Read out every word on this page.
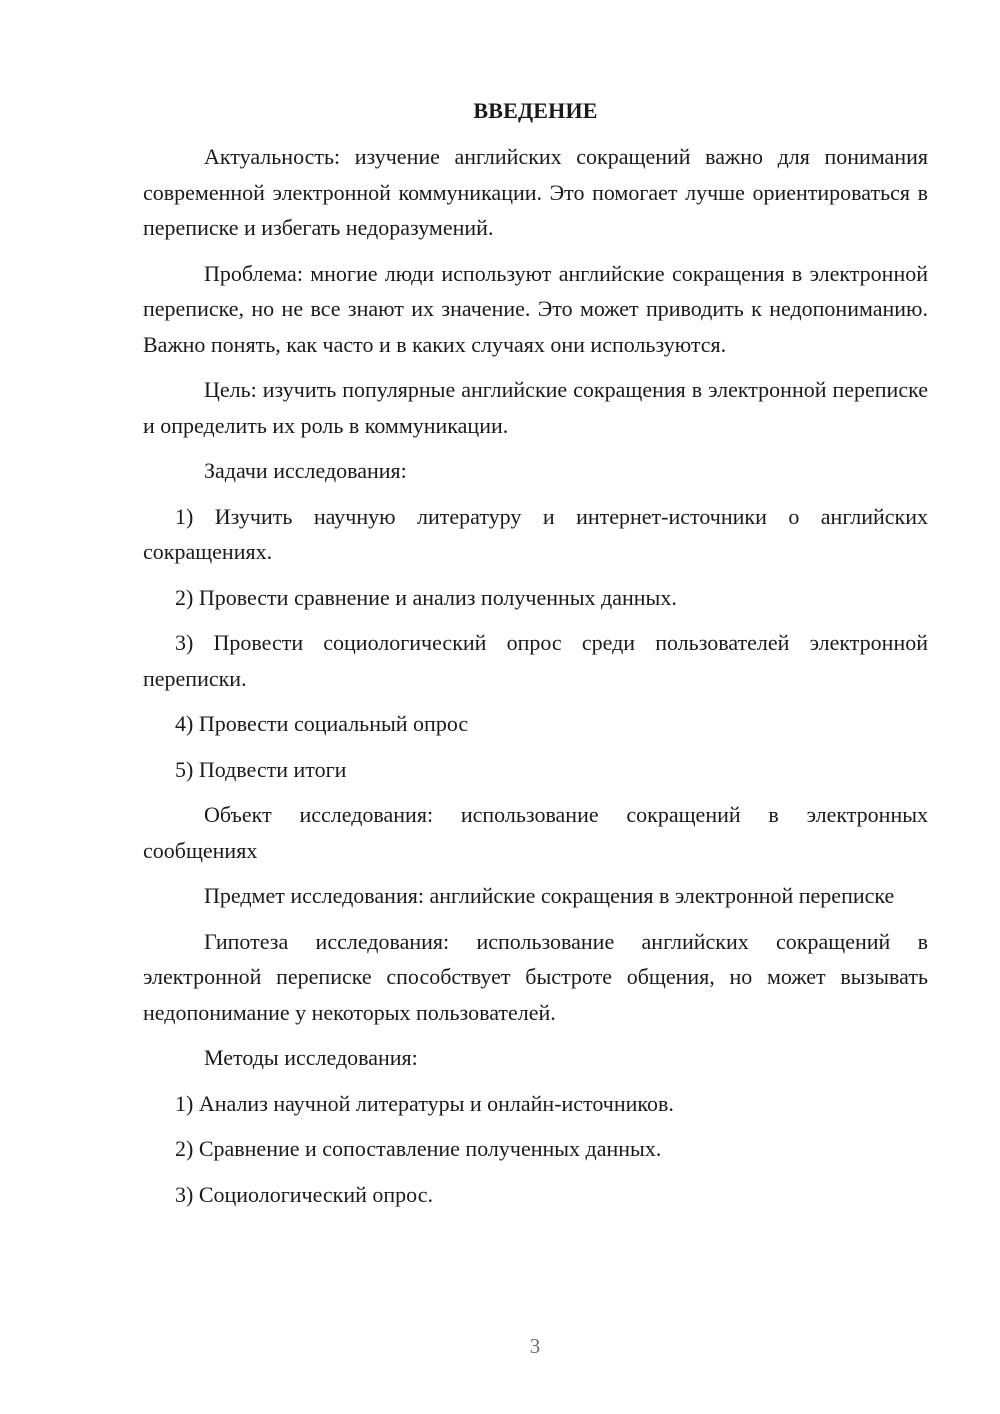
ВВЕДЕНИЕ

Актуальность: изучение английских сокращений важно для понимания современной электронной коммуникации. Это помогает лучше ориентироваться в переписке и избегать недоразумений.

Проблема: многие люди используют английские сокращения в электронной переписке, но не все знают их значение. Это может приводить к недопониманию. Важно понять, как часто и в каких случаях они используются.

Цель: изучить популярные английские сокращения в электронной переписке и определить их роль в коммуникации.

Задачи исследования:

1) Изучить научную литературу и интернет-источники о английских сокращениях.

2) Провести сравнение и анализ полученных данных.

3) Провести социологический опрос среди пользователей электронной переписки.

4) Провести социальный опрос

5) Подвести итоги

Объект исследования: использование сокращений в электронных сообщениях

Предмет исследования: английские сокращения в электронной переписке

Гипотеза исследования: использование английских сокращений в электронной переписке способствует быстроте общения, но может вызывать недопонимание у некоторых пользователей.

Методы исследования:

1) Анализ научной литературы и онлайн-источников.

2) Сравнение и сопоставление полученных данных.

3) Социологический опрос.

3
